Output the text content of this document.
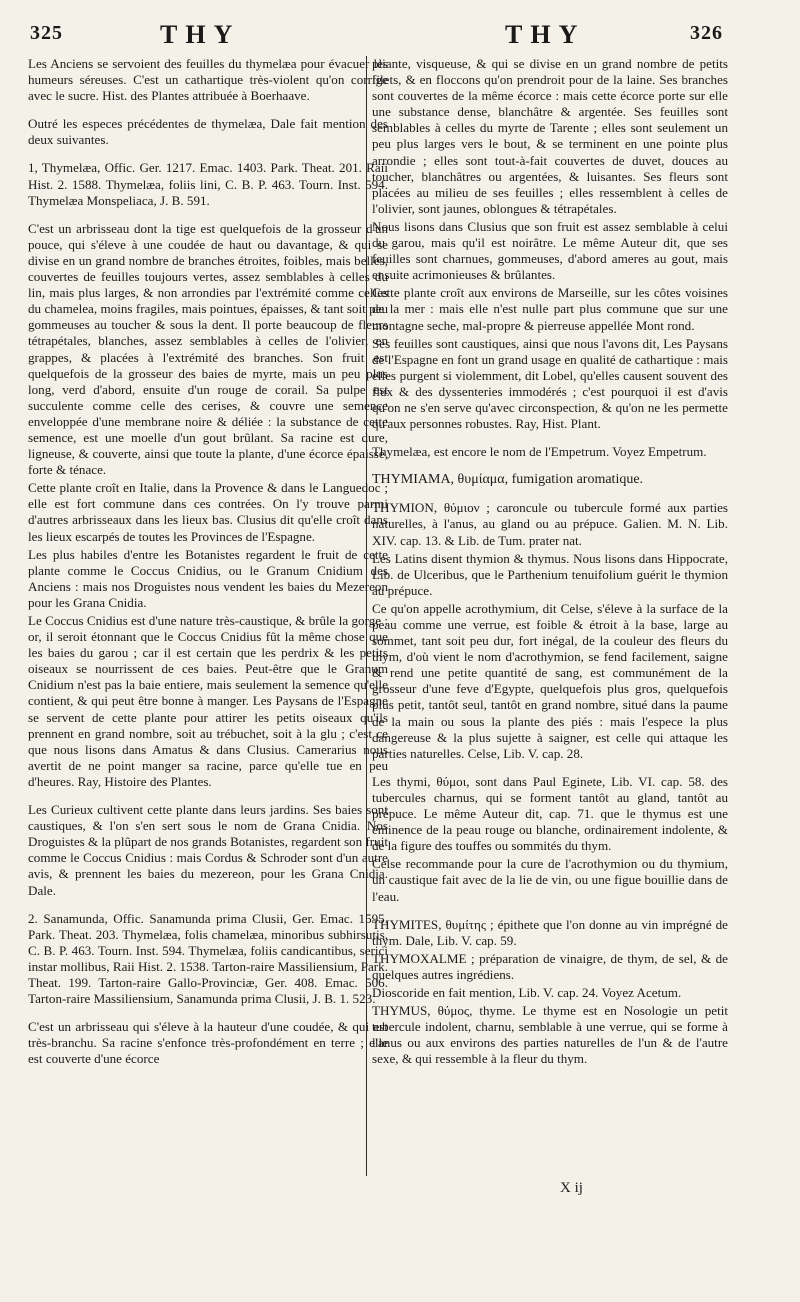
325	THY	THY	326

Les Anciens se servoient des feuilles du thymelæa pour évacuer les humeurs séreuses. C'est un cathartique très-violent qu'on corrige avec le sucre. Hist. des Plantes attribuée à Boerhaave.

Outré les especes précédentes de thymelæa, Dale fait mention des deux suivantes.

1, Thymelæa, Offic. Ger. 1217. Emac. 1403. Park. Theat. 201. Raii Hist. 2. 1588. Thymelæa, foliis lini, C. B. P. 463. Tourn. Inst. 594. Thymelæa Monspeliaca, J. B. 591.

C'est un arbrisseau dont la tige est quelquefois de la grosseur d'un pouce, qui s'éleve à une coudée de haut ou davantage, & qui se divise en un grand nombre de branches étroites, foibles, mais belles, couvertes de feuilles toujours vertes, assez semblables à celles du lin, mais plus larges, & non arrondies par l'extrémité comme celles du chamelea, moins fragiles, mais pointues, épaisses, & tant soit peu gommeuses au toucher & sous la dent. Il porte beaucoup de fleurs tétrapétales, blanches, assez semblables à celles de l'olivier, en grappes, & placées à l'extrémité des branches. Son fruit est quelquefois de la grosseur des baies de myrte, mais un peu plus long, verd d'abord, ensuite d'un rouge de corail. Sa pulpe est succulente comme celle des cerises, & couvre une semence enveloppée d'une membrane noire & déliée : la substance de cette semence, est une moelle d'un gout brûlant. Sa racine est dure, ligneuse, & couverte, ainsi que toute la plante, d'une écorce épaisse, forte & ténace.

Cette plante croît en Italie, dans la Provence & dans le Languedoc ; elle est fort commune dans ces contrées. On l'y trouve parmi d'autres arbrisseaux dans les lieux bas. Clusius dit qu'elle croît dans les lieux escarpés de toutes les Provinces de l'Espagne.

Les plus habiles d'entre les Botanistes regardent le fruit de cette plante comme le Coccus Cnidius, ou le Granum Cnidium des Anciens : mais nos Droguistes nous vendent les baies du Mezereon pour les Grana Cnidia.

Le Coccus Cnidius est d'une nature très-caustique, & brûle la gorge : or, il seroit étonnant que le Coccus Cnidius fût la même chose que les baies du garou ; car il est certain que les perdrix & les petits oiseaux se nourrissent de ces baies. Peut-être que le Granum Cnidium n'est pas la baie entiere, mais seulement la semence qu'elle contient, & qui peut être bonne à manger. Les Paysans de l'Espagne se servent de cette plante pour attirer les petits oiseaux qu'ils prennent en grand nombre, soit au trébuchet, soit à la glu ; c'est ce que nous lisons dans Amatus & dans Clusius. Camerarius nous avertit de ne point manger sa racine, parce qu'elle tue en peu d'heures. Ray, Histoire des Plantes.

Les Curieux cultivent cette plante dans leurs jardins. Ses baies sont caustiques, & l'on s'en sert sous le nom de Grana Cnidia. Nos Droguistes & la plûpart de nos grands Botanistes, regardent son fruit comme le Coccus Cnidius : mais Cordus & Schroder sont d'un autre avis, & prennent les baies du mezereon, pour les Grana Cnidia. Dale.

2. Sanamunda, Offic. Sanamunda prima Clusii, Ger. Emac. 1595. Park. Theat. 203. Thymelæa, folis chamelæa, minoribus subhirsutis, C. B. P. 463. Tourn. Inst. 594. Thymelæa, foliis candicantibus, serici instar mollibus, Raii Hist. 2. 1538. Tarton-raire Massiliensium, Park. Theat. 199. Tarton-raire Gallo-Provinciæ, Ger. 408. Emac. 506. Tarton-raire Massiliensium, Sanamunda prima Clusii, J. B. 1. 523.

C'est un arbrisseau qui s'éleve à la hauteur d'une coudée, & qui est très-branchu. Sa racine s'enfonce très-profondément en terre ; elle est couverte d'une écorce

pliante, visqueuse, & qui se divise en un grand nombre de petits filets, & en floccons qu'on prendroit pour de la laine. Ses branches sont couvertes de la même écorce : mais cette écorce porte sur elle une substance dense, blanchâtre & argentée. Ses feuilles sont semblables à celles du myrte de Tarente ; elles sont seulement un peu plus larges vers le bout, & se terminent en une pointe plus arrondie ; elles sont tout-à-fait couvertes de duvet, douces au toucher, blanchâtres ou argentées, & luisantes. Ses fleurs sont placées au milieu de ses feuilles ; elles ressemblent à celles de l'olivier, sont jaunes, oblongues & tétrapétales.

Nous lisons dans Clusius que son fruit est assez semblable à celui du garou, mais qu'il est noirâtre. Le même Auteur dit, que ses feuilles sont charnues, gommeuses, d'abord ameres au gout, mais ensuite acrimonieuses & brûlantes.

Cette plante croît aux environs de Marseille, sur les côtes voisines de la mer : mais elle n'est nulle part plus commune que sur une montagne seche, mal-propre & pierreuse appellée Mont rond.

Ses feuilles sont caustiques, ainsi que nous l'avons dit, Les Paysans de l'Espagne en font un grand usage en qualité de cathartique : mais elles purgent si violemment, dit Lobel, qu'elles causent souvent des flux & des dyssenteries immodérés ; c'est pourquoi il est d'avis qu'on ne s'en serve qu'avec circonspection, & qu'on ne les permette qu'aux personnes robustes. Ray, Hist. Plant.

Thymelæa, est encore le nom de l'Empetrum. Voyez Empetrum.

THYMIAMA, θυμίαμα, fumigation aromatique.

THYMION, θύμιον ; caroncule ou tubercule formé aux parties naturelles, à l'anus, au gland ou au prépuce. Galien. M. N. Lib. XIV. cap. 13. & Lib. de Tum. prater nat.

Les Latins disent thymion & thymus. Nous lisons dans Hippocrate, Lib. de Ulceribus, que le Parthenium tenuifolium guérit le thymion au prépuce.

Ce qu'on appelle acrothymium, dit Celse, s'éleve à la surface de la peau comme une verrue, est foible & étroit à la base, large au sommet, tant soit peu dur, fort inégal, de la couleur des fleurs du thym, d'où vient le nom d'acrothymion, se fend facilement, saigne & rend une petite quantité de sang, est communément de la grosseur d'une feve d'Egypte, quelquefois plus gros, quelquefois plus petit, tantôt seul, tantôt en grand nombre, situé dans la paume de la main ou sous la plante des piés : mais l'espece la plus dangereuse & la plus sujette à saigner, est celle qui attaque les parties naturelles. Celse, Lib. V. cap. 28.

Les thymi, θύμοι, sont dans Paul Eginete, Lib. VI. cap. 58. des tubercules charnus, qui se forment tantôt au gland, tantôt au prépuce. Le même Auteur dit, cap. 71. que le thymus est une éminence de la peau rouge ou blanche, ordinairement indolente, & de la figure des touffes ou sommités du thym.

Celse recommande pour la cure de l'acrothymion ou du thymium, un caustique fait avec de la lie de vin, ou une figue bouillie dans de l'eau.

THYMITES, θυμίτης ; épithete que l'on donne au vin imprégné de thym. Dale, Lib. V. cap. 59.

THYMOXALME ; préparation de vinaigre, de thym, de sel, & de quelques autres ingrédiens.

Dioscoride en fait mention, Lib. V. cap. 24. Voyez Acetum.

THYMUS, θύμος, thyme. Le thyme est en Nosologie un petit tubercule indolent, charnu, semblable à une verrue, qui se forme à l'anus ou aux environs des parties naturelles de l'un & de l'autre sexe, & qui ressemble à la fleur du thym.

X ij
